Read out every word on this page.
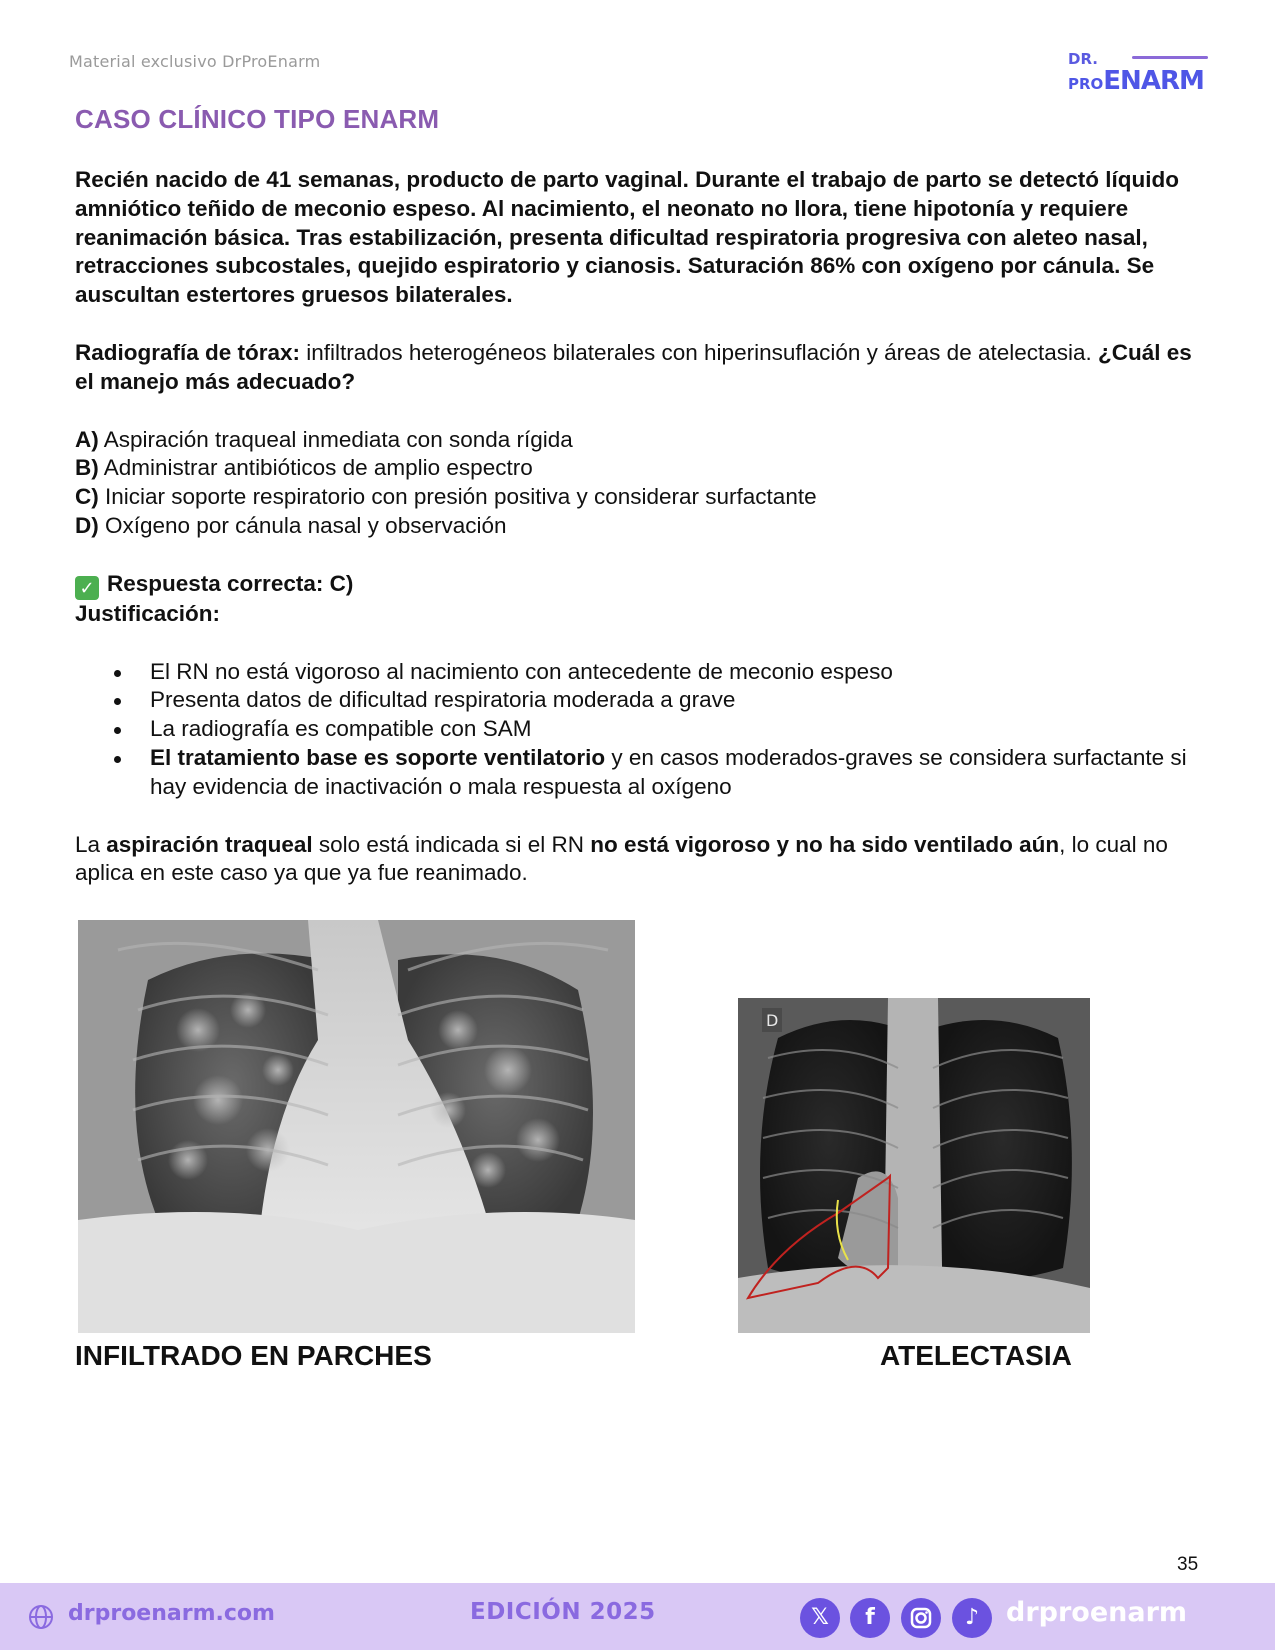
Material exclusivo DrProEnarm	DR.
PROENARM
CASO CLÍNICO TIPO ENARM

Recién nacido de 41 semanas, producto de parto vaginal. Durante el trabajo de parto se detectó líquido amniótico teñido de meconio espeso. Al nacimiento, el neonato no llora, tiene hipotonía y requiere reanimación básica. Tras estabilización, presenta dificultad respiratoria progresiva con aleteo nasal, retracciones subcostales, quejido espiratorio y cianosis. Saturación 86% con oxígeno por cánula. Se auscultan estertores gruesos bilaterales.

Radiografía de tórax: infiltrados heterogéneos bilaterales con hiperinsuflación y áreas de atelectasia. ¿Cuál es el manejo más adecuado?

A) Aspiración traqueal inmediata con sonda rígida

B) Administrar antibióticos de amplio espectro

C) Iniciar soporte respiratorio con presión positiva y considerar surfactante

D) Oxígeno por cánula nasal y observación

✓ Respuesta correcta: C)

Justificación:

El RN no está vigoroso al nacimiento con antecedente de meconio espeso
Presenta datos de dificultad respiratoria moderada a grave
La radiografía es compatible con SAM
El tratamiento base es soporte ventilatorio y en casos moderados-graves se considera surfactante si hay evidencia de inactivación o mala respuesta al oxígeno

La aspiración traqueal solo está indicada si el RN no está vigoroso y no ha sido ventilado aún, lo cual no aplica en este caso ya que ya fue reanimado.

D
INFILTRADO EN PARCHES	ATELECTASIA
35
drproenarm.com	EDICIÓN 2025	𝕏	f	♪ drproenarm
